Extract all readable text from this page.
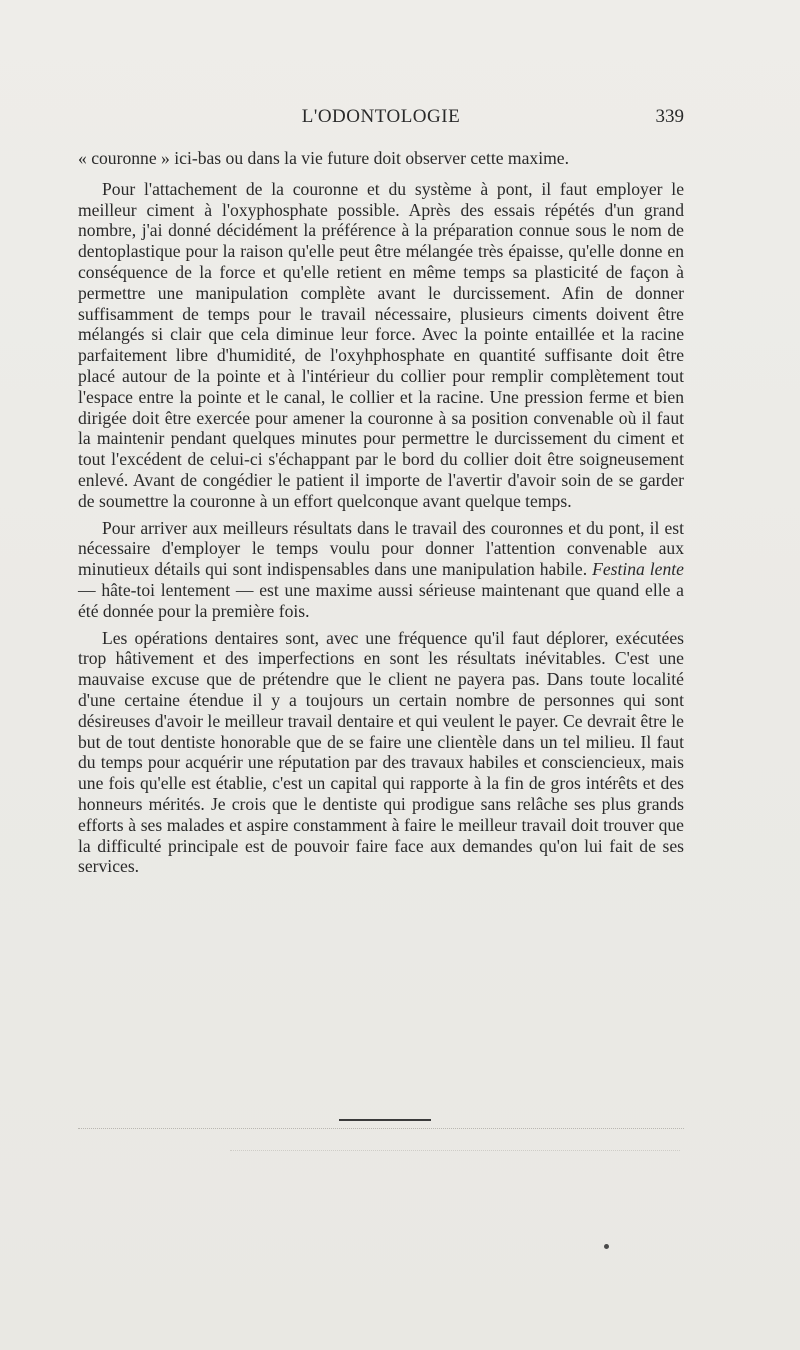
L'ODONTOLOGIE	339

« couronne » ici-bas ou dans la vie future doit observer cette maxime.

Pour l'attachement de la couronne et du système à pont, il faut employer le meilleur ciment à l'oxyphosphate possible. Après des essais répétés d'un grand nombre, j'ai donné décidément la préférence à la préparation connue sous le nom de dentoplastique pour la raison qu'elle peut être mélangée très épaisse, qu'elle donne en conséquence de la force et qu'elle retient en même temps sa plasticité de façon à permettre une manipulation complète avant le durcissement. Afin de donner suffisamment de temps pour le travail nécessaire, plusieurs ciments doivent être mélangés si clair que cela diminue leur force. Avec la pointe entaillée et la racine parfaitement libre d'humidité, de l'oxyhphosphate en quantité suffisante doit être placé autour de la pointe et à l'intérieur du collier pour remplir complètement tout l'espace entre la pointe et le canal, le collier et la racine. Une pression ferme et bien dirigée doit être exercée pour amener la couronne à sa position convenable où il faut la maintenir pendant quelques minutes pour permettre le durcissement du ciment et tout l'excédent de celui-ci s'échappant par le bord du collier doit être soigneusement enlevé. Avant de congédier le patient il importe de l'avertir d'avoir soin de se garder de soumettre la couronne à un effort quelconque avant quelque temps.

Pour arriver aux meilleurs résultats dans le travail des couronnes et du pont, il est nécessaire d'employer le temps voulu pour donner l'attention convenable aux minutieux détails qui sont indispensables dans une manipulation habile. Festina lente — hâte-toi lentement — est une maxime aussi sérieuse maintenant que quand elle a été donnée pour la première fois.

Les opérations dentaires sont, avec une fréquence qu'il faut déplorer, exécutées trop hâtivement et des imperfections en sont les résultats inévitables. C'est une mauvaise excuse que de prétendre que le client ne payera pas. Dans toute localité d'une certaine étendue il y a toujours un certain nombre de personnes qui sont désireuses d'avoir le meilleur travail dentaire et qui veulent le payer. Ce devrait être le but de tout dentiste honorable que de se faire une clientèle dans un tel milieu. Il faut du temps pour acquérir une réputation par des travaux habiles et consciencieux, mais une fois qu'elle est établie, c'est un capital qui rapporte à la fin de gros intérêts et des honneurs mérités. Je crois que le dentiste qui prodigue sans relâche ses plus grands efforts à ses malades et aspire constamment à faire le meilleur travail doit trouver que la difficulté principale est de pouvoir faire face aux demandes qu'on lui fait de ses services.
